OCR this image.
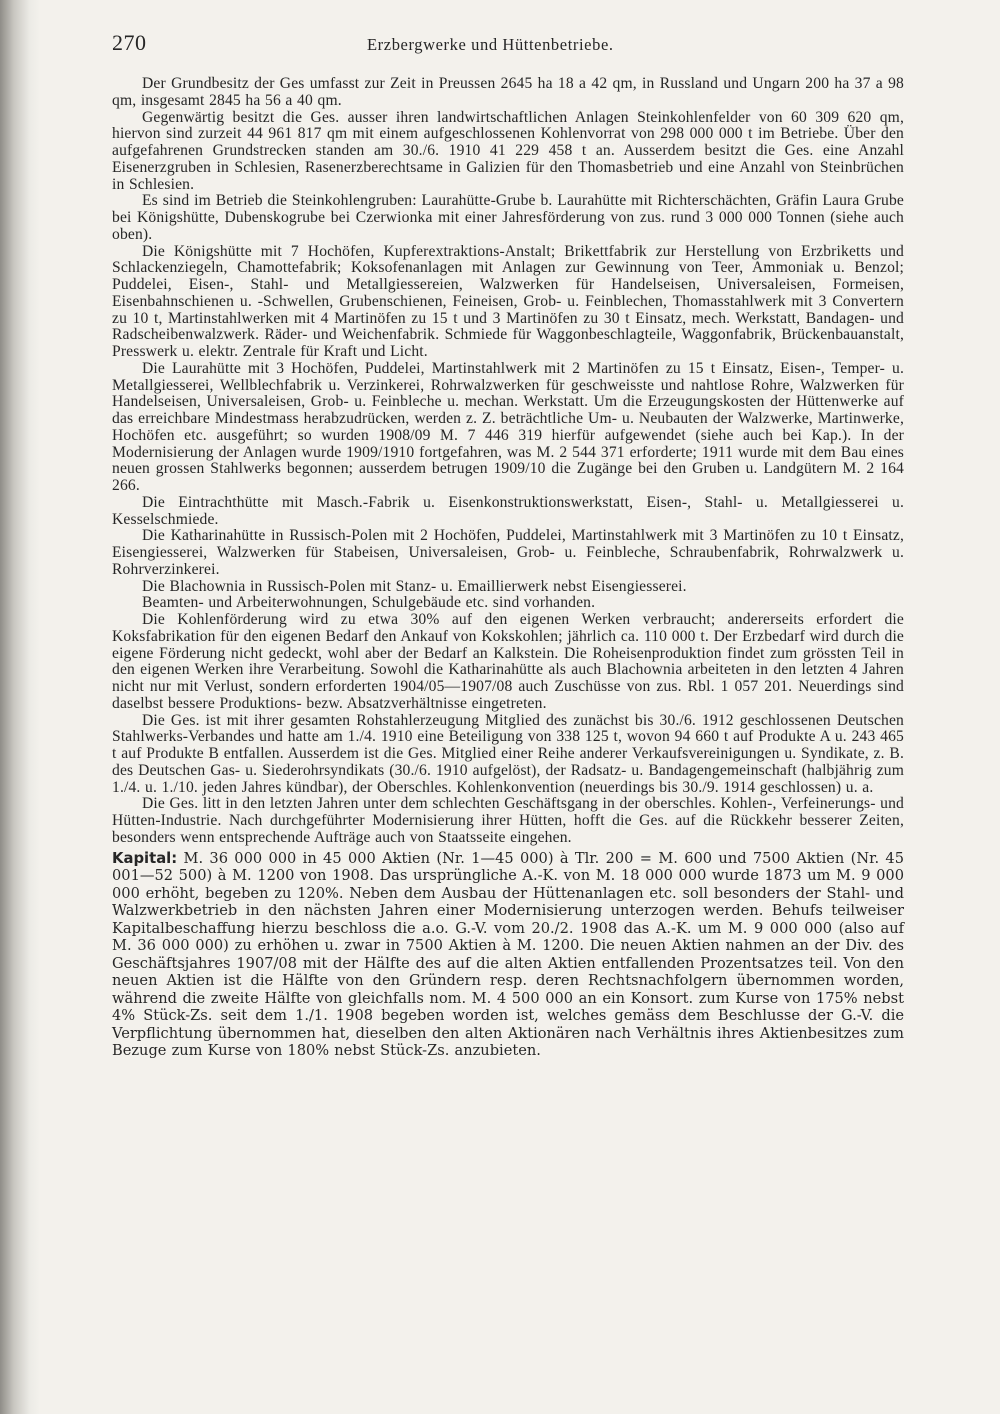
270	Erzbergwerke und Hüttenbetriebe.

Der Grundbesitz der Ges umfasst zur Zeit in Preussen 2645 ha 18 a 42 qm, in Russland und Ungarn 200 ha 37 a 98 qm, insgesamt 2845 ha 56 a 40 qm.

Gegenwärtig besitzt die Ges. ausser ihren landwirtschaftlichen Anlagen Steinkohlenfelder von 60 309 620 qm, hiervon sind zurzeit 44 961 817 qm mit einem aufgeschlossenen Kohlenvorrat von 298 000 000 t im Betriebe. Über den aufgefahrenen Grundstrecken standen am 30./6. 1910 41 229 458 t an. Ausserdem besitzt die Ges. eine Anzahl Eisenerzgruben in Schlesien, Rasenerzberechtsame in Galizien für den Thomasbetrieb und eine Anzahl von Steinbrüchen in Schlesien.

Es sind im Betrieb die Steinkohlengruben: Laurahütte-Grube b. Laurahütte mit Richterschächten, Gräfin Laura Grube bei Königshütte, Dubenskogrube bei Czerwionka mit einer Jahresförderung von zus. rund 3 000 000 Tonnen (siehe auch oben).

Die Königshütte mit 7 Hochöfen, Kupferextraktions-Anstalt; Brikettfabrik zur Herstellung von Erzbriketts und Schlackenziegeln, Chamottefabrik; Koksofenanlagen mit Anlagen zur Gewinnung von Teer, Ammoniak u. Benzol; Puddelei, Eisen-, Stahl- und Metallgiessereien, Walzwerken für Handelseisen, Universaleisen, Formeisen, Eisenbahnschienen u. -Schwellen, Grubenschienen, Feineisen, Grob- u. Feinblechen, Thomasstahlwerk mit 3 Convertern zu 10 t, Martinstahlwerken mit 4 Martinöfen zu 15 t und 3 Martinöfen zu 30 t Einsatz, mech. Werkstatt, Bandagen- und Radscheibenwalzwerk. Räder- und Weichenfabrik. Schmiede für Waggonbeschlagteile, Waggonfabrik, Brückenbauanstalt, Presswerk u. elektr. Zentrale für Kraft und Licht.

Die Laurahütte mit 3 Hochöfen, Puddelei, Martinstahlwerk mit 2 Martinöfen zu 15 t Einsatz, Eisen-, Temper- u. Metallgiesserei, Wellblechfabrik u. Verzinkerei, Rohrwalzwerken für geschweisste und nahtlose Rohre, Walzwerken für Handelseisen, Universaleisen, Grob- u. Feinbleche u. mechan. Werkstatt. Um die Erzeugungskosten der Hüttenwerke auf das erreichbare Mindestmass herabzudrücken, werden z. Z. beträchtliche Um- u. Neubauten der Walzwerke, Martinwerke, Hochöfen etc. ausgeführt; so wurden 1908/09 M. 7 446 319 hierfür aufgewendet (siehe auch bei Kap.). In der Modernisierung der Anlagen wurde 1909/1910 fortgefahren, was M. 2 544 371 erforderte; 1911 wurde mit dem Bau eines neuen grossen Stahlwerks begonnen; ausserdem betrugen 1909/10 die Zugänge bei den Gruben u. Landgütern M. 2 164 266.

Die Eintrachthütte mit Masch.-Fabrik u. Eisenkonstruktionswerkstatt, Eisen-, Stahl- u. Metallgiesserei u. Kesselschmiede.

Die Katharinahütte in Russisch-Polen mit 2 Hochöfen, Puddelei, Martinstahlwerk mit 3 Martinöfen zu 10 t Einsatz, Eisengiesserei, Walzwerken für Stabeisen, Universaleisen, Grob- u. Feinbleche, Schraubenfabrik, Rohrwalzwerk u. Rohrverzinkerei.

Die Blachownia in Russisch-Polen mit Stanz- u. Emaillierwerk nebst Eisengiesserei.

Beamten- und Arbeiterwohnungen, Schulgebäude etc. sind vorhanden.

Die Kohlenförderung wird zu etwa 30% auf den eigenen Werken verbraucht; andererseits erfordert die Koksfabrikation für den eigenen Bedarf den Ankauf von Kokskohlen; jährlich ca. 110 000 t. Der Erzbedarf wird durch die eigene Förderung nicht gedeckt, wohl aber der Bedarf an Kalkstein. Die Roheisenproduktion findet zum grössten Teil in den eigenen Werken ihre Verarbeitung. Sowohl die Katharinahütte als auch Blachownia arbeiteten in den letzten 4 Jahren nicht nur mit Verlust, sondern erforderten 1904/05—1907/08 auch Zuschüsse von zus. Rbl. 1 057 201. Neuerdings sind daselbst bessere Produktions- bezw. Absatzverhältnisse eingetreten.

Die Ges. ist mit ihrer gesamten Rohstahlerzeugung Mitglied des zunächst bis 30./6. 1912 geschlossenen Deutschen Stahlwerks-Verbandes und hatte am 1./4. 1910 eine Beteiligung von 338 125 t, wovon 94 660 t auf Produkte A u. 243 465 t auf Produkte B entfallen. Ausserdem ist die Ges. Mitglied einer Reihe anderer Verkaufsvereinigungen u. Syndikate, z. B. des Deutschen Gas- u. Siederohrsyndikats (30./6. 1910 aufgelöst), der Radsatz- u. Bandagengemeinschaft (halbjährig zum 1./4. u. 1./10. jeden Jahres kündbar), der Oberschles. Kohlenkonvention (neuerdings bis 30./9. 1914 geschlossen) u. a.

Die Ges. litt in den letzten Jahren unter dem schlechten Geschäftsgang in der oberschles. Kohlen-, Verfeinerungs- und Hütten-Industrie. Nach durchgeführter Modernisierung ihrer Hütten, hofft die Ges. auf die Rückkehr besserer Zeiten, besonders wenn entsprechende Aufträge auch von Staatsseite eingehen.

Kapital: M. 36 000 000 in 45 000 Aktien (Nr. 1—45 000) à Tlr. 200 = M. 600 und 7500 Aktien (Nr. 45 001—52 500) à M. 1200 von 1908. Das ursprüngliche A.-K. von M. 18 000 000 wurde 1873 um M. 9 000 000 erhöht, begeben zu 120%. Neben dem Ausbau der Hüttenanlagen etc. soll besonders der Stahl- und Walzwerkbetrieb in den nächsten Jahren einer Modernisierung unterzogen werden. Behufs teilweiser Kapitalbeschaffung hierzu beschloss die a.o. G.-V. vom 20./2. 1908 das A.-K. um M. 9 000 000 (also auf M. 36 000 000) zu erhöhen u. zwar in 7500 Aktien à M. 1200. Die neuen Aktien nahmen an der Div. des Geschäftsjahres 1907/08 mit der Hälfte des auf die alten Aktien entfallenden Prozentsatzes teil. Von den neuen Aktien ist die Hälfte von den Gründern resp. deren Rechtsnachfolgern übernommen worden, während die zweite Hälfte von gleichfalls nom. M. 4 500 000 an ein Konsort. zum Kurse von 175% nebst 4% Stück-Zs. seit dem 1./1. 1908 begeben worden ist, welches gemäss dem Beschlusse der G.-V. die Verpflichtung übernommen hat, dieselben den alten Aktionären nach Verhältnis ihres Aktienbesitzes zum Bezuge zum Kurse von 180% nebst Stück-Zs. anzubieten.
